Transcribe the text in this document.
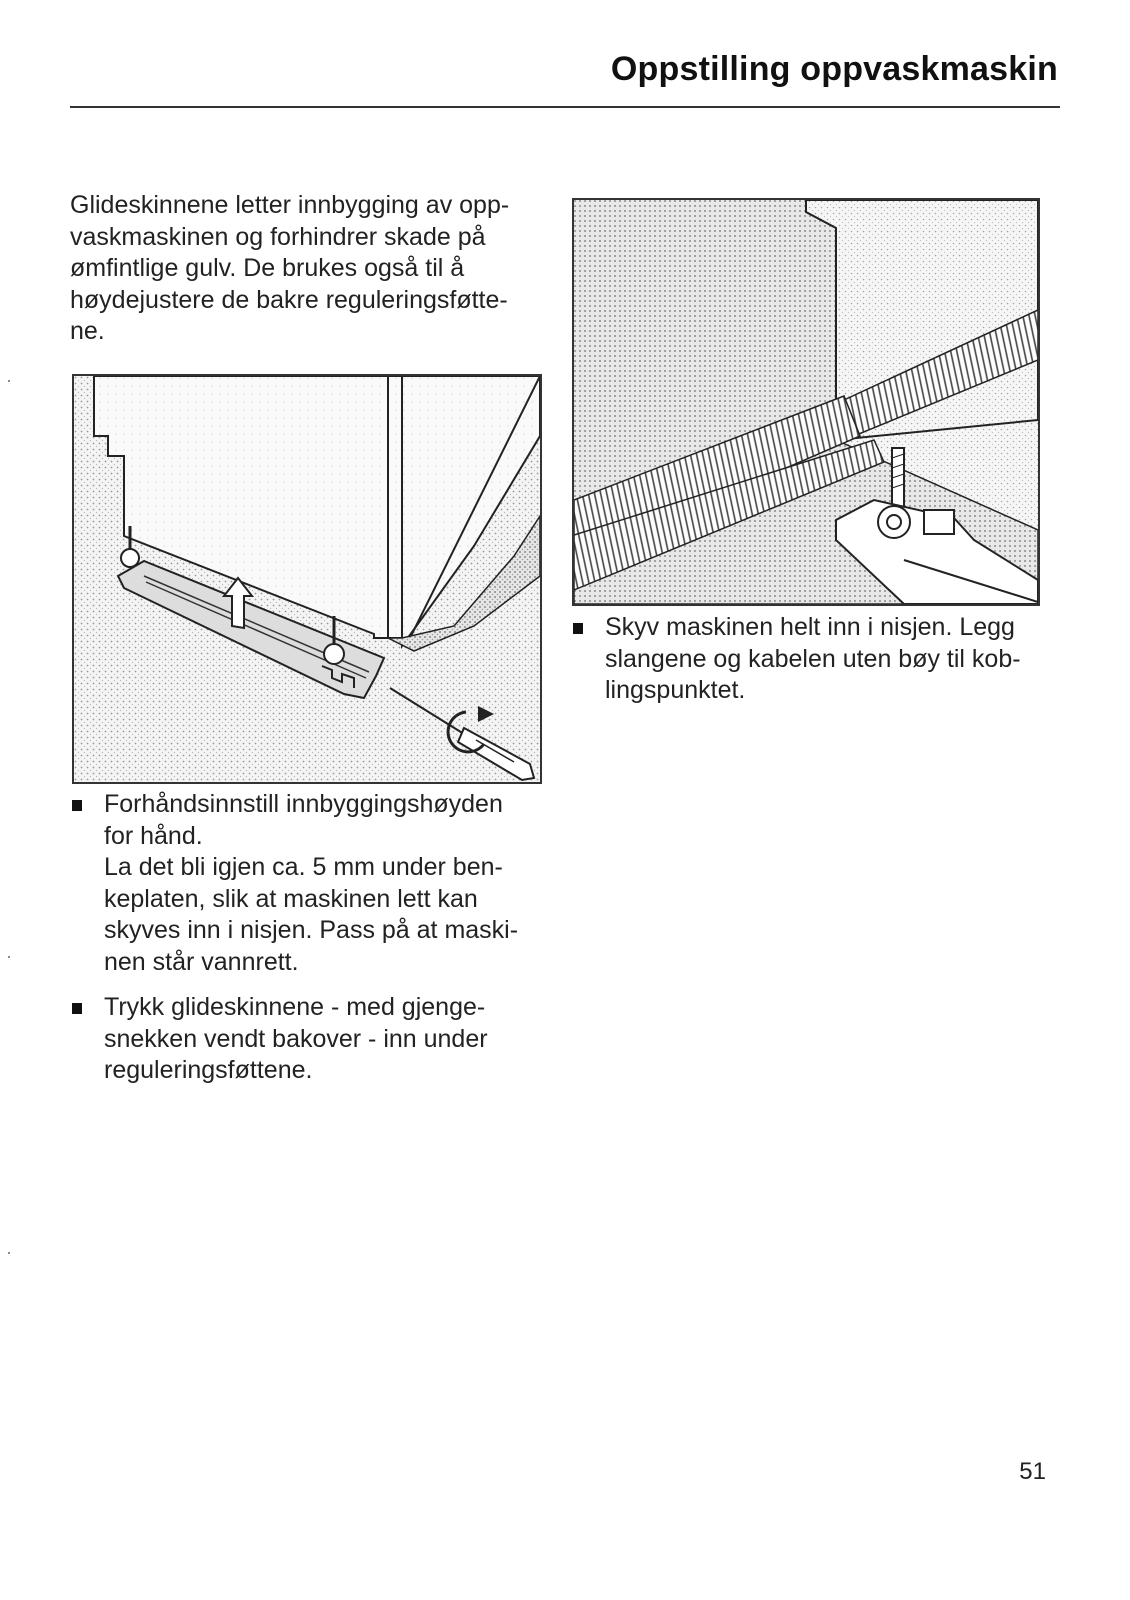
Oppstilling oppvaskmaskin
Glideskinnene letter innbygging av opp-
vaskmaskinen og forhindrer skade på
ømfintlige gulv. De brukes også til å
høydejustere de bakre reguleringsføtte-
ne.
Forhåndsinnstill innbyggingshøyden
for hånd.
La det bli igjen ca. 5 mm under ben-
keplaten, slik at maskinen lett kan
skyves inn i nisjen. Pass på at maski-
nen står vannrett.
Trykk glideskinnene - med gjenge-
snekken vendt bakover - inn under
reguleringsføttene.
Skyv maskinen helt inn i nisjen. Legg
slangene og kabelen uten bøy til kob-
lingspunktet.
51
